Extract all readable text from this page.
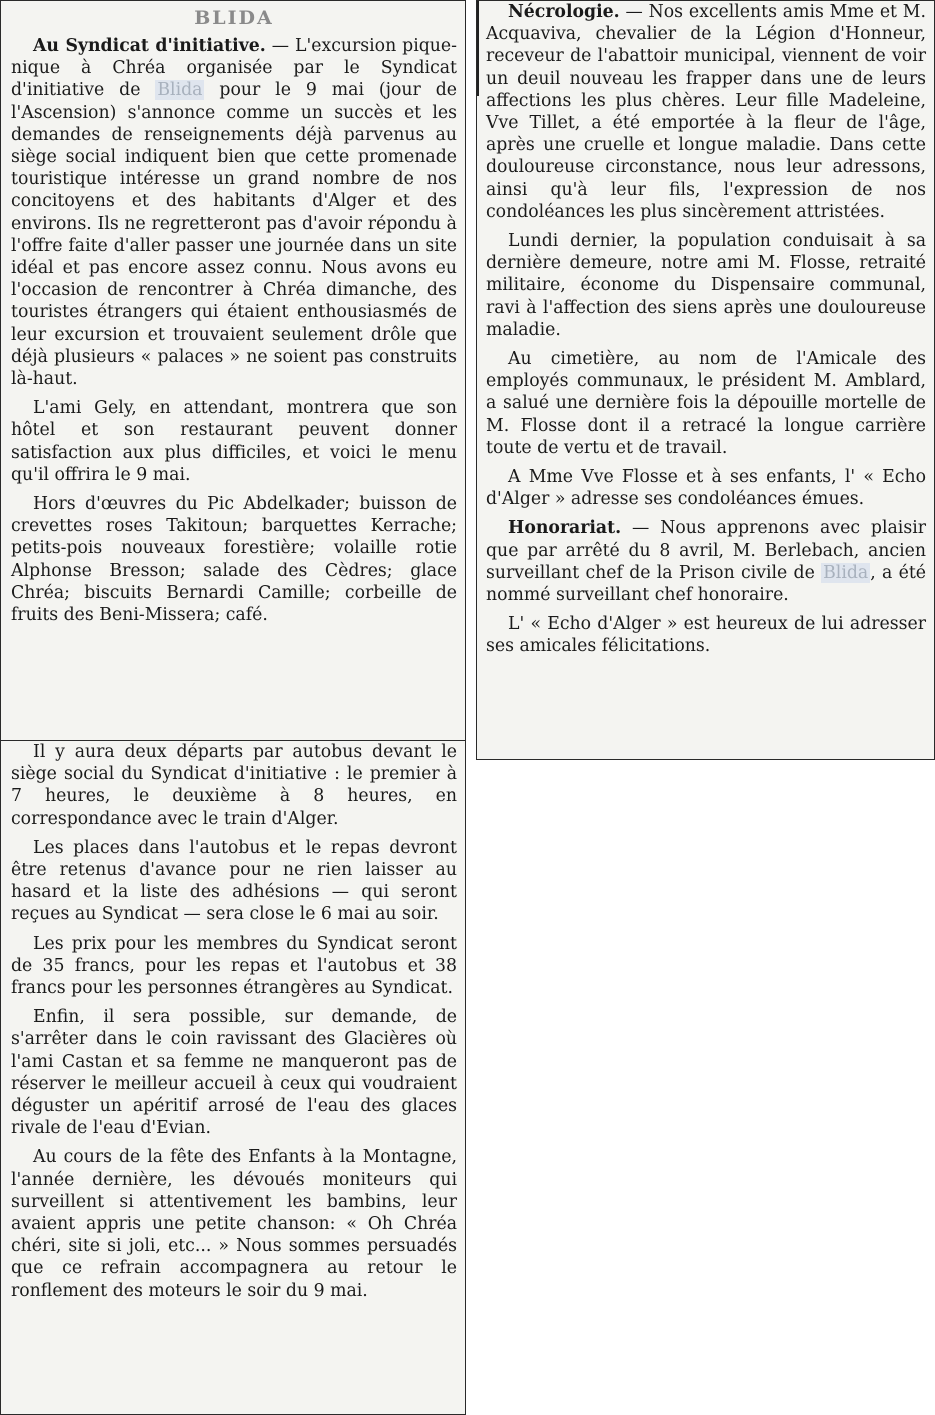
BLIDA

Au Syndicat d'initiative. — L'excursion pique-nique à Chréa organisée par le Syndicat d'initiative de Blida pour le 9 mai (jour de l'Ascension) s'annonce comme un succès et les demandes de renseignements déjà parvenus au siège social indiquent bien que cette promenade touristique intéresse un grand nombre de nos concitoyens et des habitants d'Alger et des environs. Ils ne regretteront pas d'avoir répondu à l'offre faite d'aller passer une journée dans un site idéal et pas encore assez connu. Nous avons eu l'occasion de rencontrer à Chréa dimanche, des touristes étrangers qui étaient enthousiasmés de leur excursion et trouvaient seulement drôle que déjà plusieurs « palaces » ne soient pas construits là-haut.

L'ami Gely, en attendant, montrera que son hôtel et son restaurant peuvent donner satisfaction aux plus difficiles, et voici le menu qu'il offrira le 9 mai.

Hors d'œuvres du Pic Abdelkader; buisson de crevettes roses Takitoun; barquettes Kerrache; petits-pois nouveaux forestière; volaille rotie Alphonse Bresson; salade des Cèdres; glace Chréa; biscuits Bernardi Camille; corbeille de fruits des Beni-Missera; café.

Il y aura deux départs par autobus devant le siège social du Syndicat d'initiative : le premier à 7 heures, le deuxième à 8 heures, en correspondance avec le train d'Alger.

Les places dans l'autobus et le repas devront être retenus d'avance pour ne rien laisser au hasard et la liste des adhésions — qui seront reçues au Syndicat — sera close le 6 mai au soir.

Les prix pour les membres du Syndicat seront de 35 francs, pour les repas et l'autobus et 38 francs pour les personnes étrangères au Syndicat.

Enfin, il sera possible, sur demande, de s'arrêter dans le coin ravissant des Glacières où l'ami Castan et sa femme ne manqueront pas de réserver le meilleur accueil à ceux qui voudraient déguster un apéritif arrosé de l'eau des glaces rivale de l'eau d'Evian.

Au cours de la fête des Enfants à la Montagne, l'année dernière, les dévoués moniteurs qui surveillent si attentivement les bambins, leur avaient appris une petite chanson: « Oh Chréa chéri, site si joli, etc... » Nous sommes persuadés que ce refrain accompagnera au retour le ronflement des moteurs le soir du 9 mai.

Nécrologie. — Nos excellents amis Mme et M. Acquaviva, chevalier de la Légion d'Honneur, receveur de l'abattoir municipal, viennent de voir un deuil nouveau les frapper dans une de leurs affections les plus chères. Leur fille Madeleine, Vve Tillet, a été emportée à la fleur de l'âge, après une cruelle et longue maladie. Dans cette douloureuse circonstance, nous leur adressons, ainsi qu'à leur fils, l'expression de nos condoléances les plus sincèrement attristées.

Lundi dernier, la population conduisait à sa dernière demeure, notre ami M. Flosse, retraité militaire, économe du Dispensaire communal, ravi à l'affection des siens après une douloureuse maladie.

Au cimetière, au nom de l'Amicale des employés communaux, le président M. Amblard, a salué une dernière fois la dépouille mortelle de M. Flosse dont il a retracé la longue carrière toute de vertu et de travail.

A Mme Vve Flosse et à ses enfants, l' « Echo d'Alger » adresse ses condoléances émues.

Honorariat. — Nous apprenons avec plaisir que par arrêté du 8 avril, M. Berlebach, ancien surveillant chef de la Prison civile de Blida , a été nommé surveillant chef honoraire.

L' « Echo d'Alger » est heureux de lui adresser ses amicales félicitations.
